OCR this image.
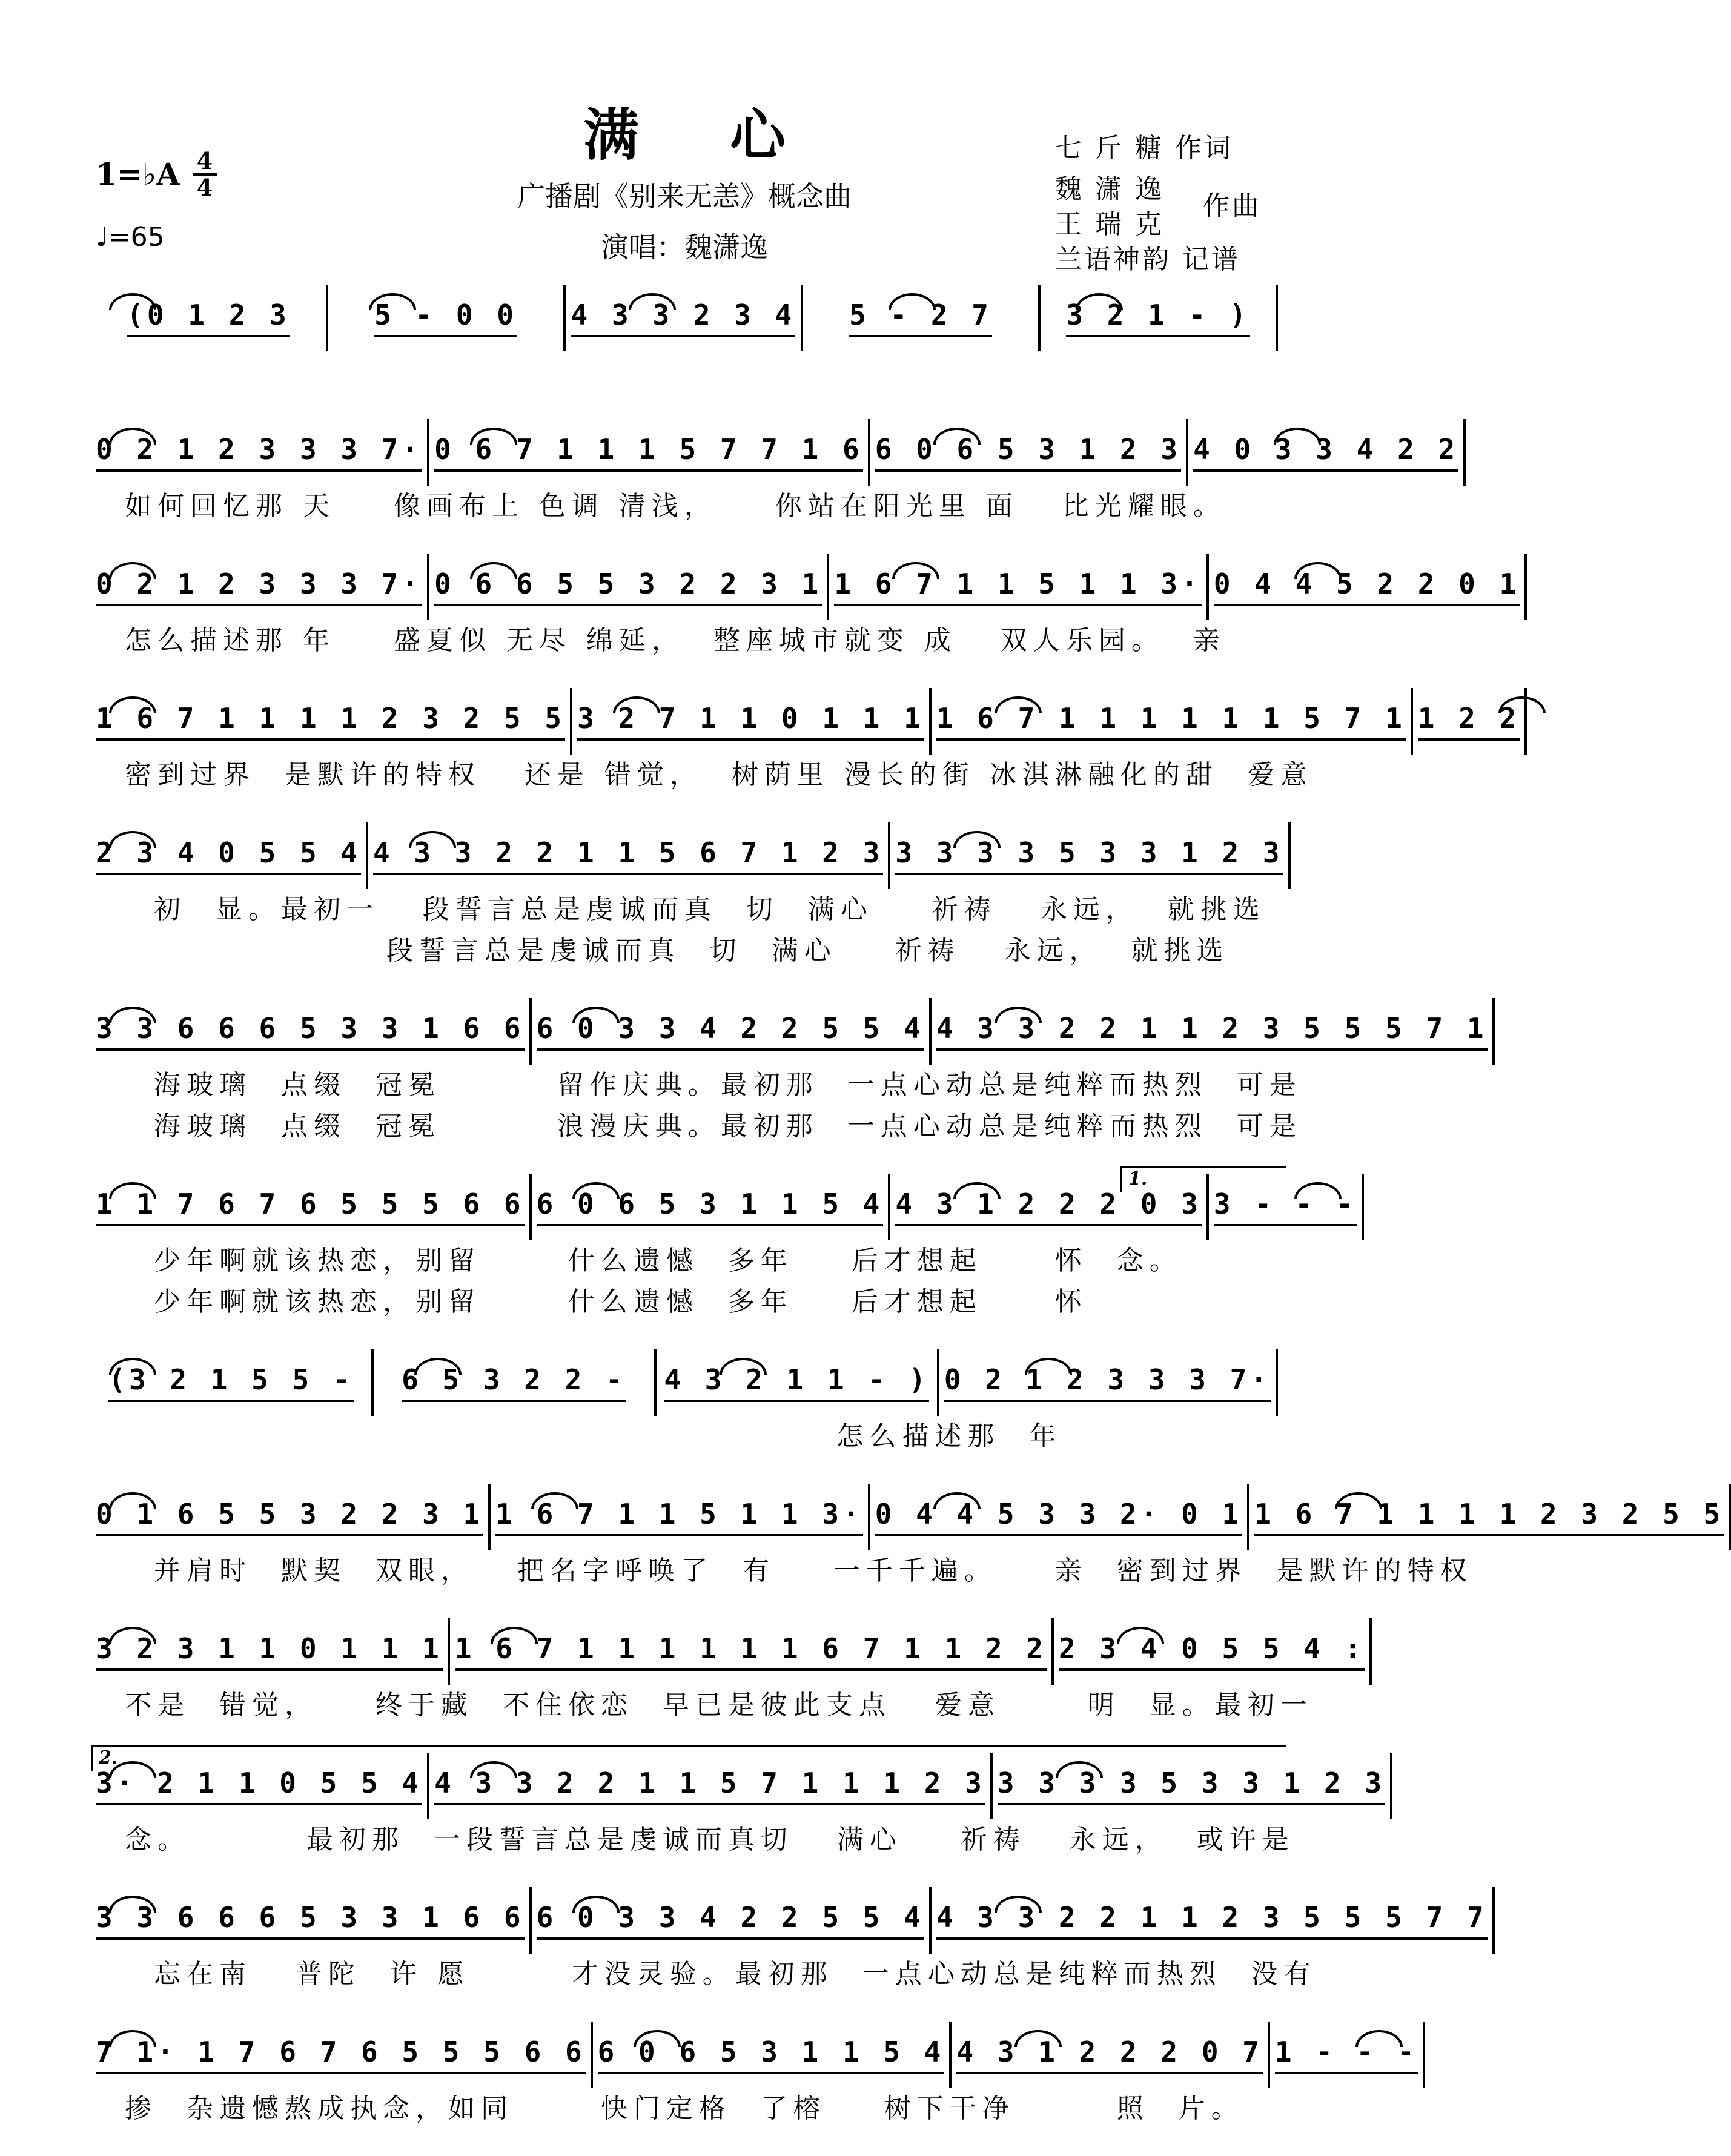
满心
广播剧《别来无恙》概念曲
演唱：魏潇逸
1=♭A $\frac{4}{4}$
♩=65
七 斤 糖 作词
魏 潇 逸
王 瑞 克
作曲
兰语神韵 记谱
(0 1 2 3	5 - 0 0 4 3 3 2 3 4 5 - 2 7	3 2 1 - )
0 2 1 2 3 3 3 7· 0 6 7 1 1 1 5 7 7 1 6 6 0 6 5 3 1 2 3 4 0 3 3 4 2 2
如何回忆那 天    像画布上 色调 清浅，    你站在阳光里 面   比光耀眼。
0 2 1 2 3 3 3 7· 0 6 6 5 5 3 2 2 3 1 1 6 7 1 1 5 1 1 3· 0 4 4 5 2 2 0 1
怎么描述那 年    盛夏似 无尽 绵延，  整座城市就变 成   双人乐园。  亲
1 6 7 1 1 1 1 2 3 2 5 5 3 2 7 1 1 0 1 1 1 1 6 7 1 1 1 1 1 1 5 7 1 1 2 2
密到过界  是默许的特权   还是 错觉，  树荫里 漫长的街 冰淇淋融化的甜  爱意
2 3 4 0 5 5 4 4 3 3 2 2 1 1 5 6 7 1 2 3 3 3 3 3 5 3 3 1 2 3
初  显。最初一   段誓言总是虔诚而真  切  满心    祈祷   永远，  就挑选
段誓言总是虔诚而真  切  满心    祈祷   永远，  就挑选
3 3 6 6 6 5 3 3 1 6 6 6 0 3 3 4 2 2 5 5 4 4 3 3 2 2 1 1 2 3 5 5 5 7 1
海玻璃  点缀  冠冕        留作庆典。最初那  一点心动总是纯粹而热烈  可是
海玻璃  点缀  冠冕        浪漫庆典。最初那  一点心动总是纯粹而热烈  可是
1.
1 1 7 6 7 6 5 5 5 6 6 6 0 6 5 3 1 1 5 4 4 3 1 2 2 2 0 3 3 - - -
少年啊就该热恋，别留      什么遗憾  多年    后才想起     怀  念。
少年啊就该热恋，别留      什么遗憾  多年    后才想起     怀
(3 2 1 5 5 - 6 5 3 2 2 - 4 3 2 1 1 - ) 0 2 1 2 3 3 3 7·
怎么描述那  年
0 1 6 5 5 3 2 2 3 1 1 6 7 1 1 5 1 1 3· 0 4 4 5 3 3 2· 0 1 1 6 7 1 1 1 1 2 3 2 5 5
并肩时  默契  双眼，   把名字呼唤了  有    一千千遍。    亲  密到过界  是默许的特权
3 2 3 1 1 0 1 1 1 1 6 7 1 1 1 1 1 1 6 7 1 1 2 2 2 3 4 0 5 5 4 :
不是  错觉，    终于藏  不住依恋  早已是彼此支点   爱意      明  显。最初一
2.
3· 2 1 1 0 5 5 4 4 3 3 2 2 1 1 5 7 1 1 1 2 3 3 3 3 3 5 3 3 1 2 3
念。        最初那  一段誓言总是虔诚而真切   满心    祈祷   永远，  或许是
3 3 6 6 6 5 3 3 1 6 6 6 0 3 3 4 2 2 5 5 4 4 3 3 2 2 1 1 2 3 5 5 5 7 7
忘在南   普陀  许 愿       才没灵验。最初那  一点心动总是纯粹而热烈  没有
7 1· 1 7 6 7 6 5 5 5 6 6 6 0 6 5 3 1 1 5 4 4 3 1 2 2 2 0 7 1 - - -
掺  杂遗憾熬成执念，如同      快门定格  了榕    树下干净       照  片。
